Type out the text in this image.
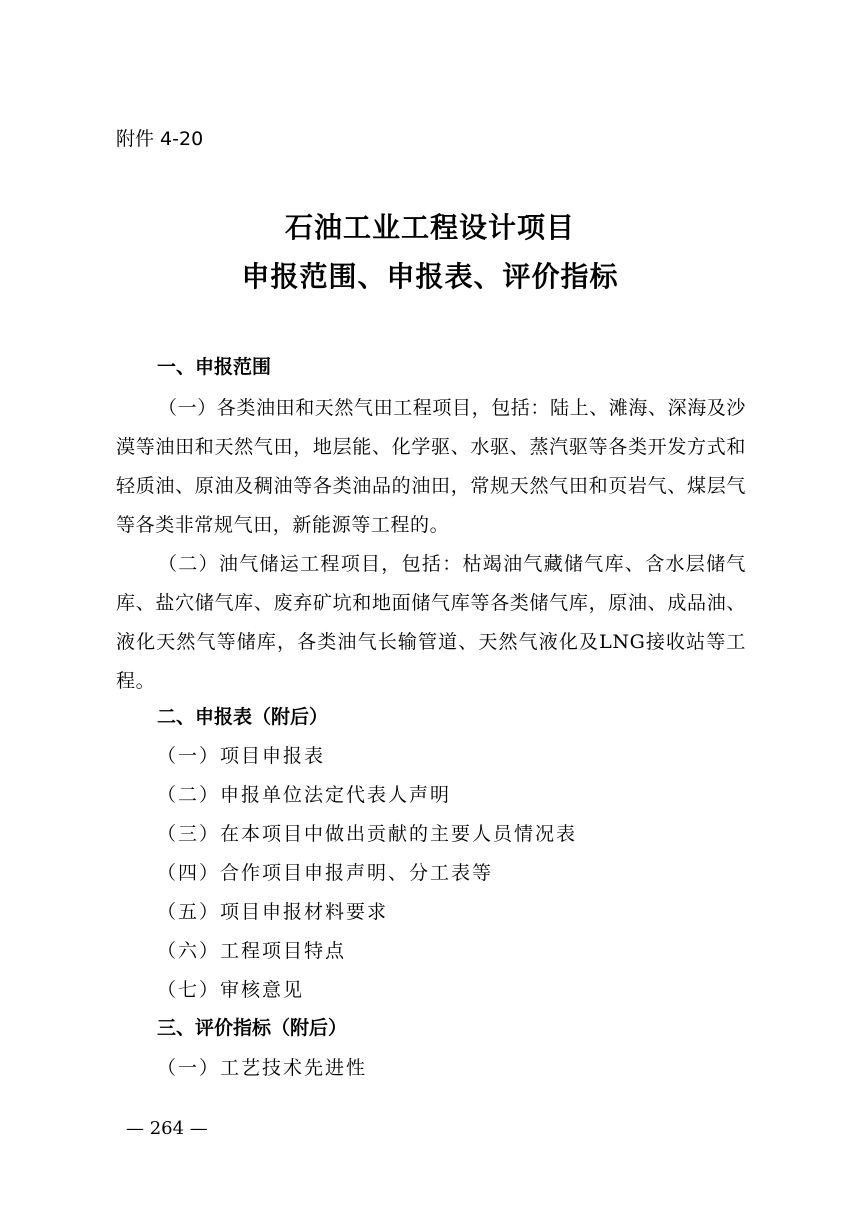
附件 4-20
石油工业工程设计项目
申报范围、申报表、评价指标
一、申报范围

（一）各类油田和天然气田工程项目，包括：陆上、滩海、深海及沙漠等油田和天然气田，地层能、化学驱、水驱、蒸汽驱等各类开发方式和轻质油、原油及稠油等各类油品的油田，常规天然气田和页岩气、煤层气等各类非常规气田，新能源等工程的。

（二）油气储运工程项目，包括：枯竭油气藏储气库、含水层储气库、盐穴储气库、废弃矿坑和地面储气库等各类储气库，原油、成品油、液化天然气等储库，各类油气长输管道、天然气液化及LNG接收站等工程。

二、申报表（附后）
（一）项目申报表
（二）申报单位法定代表人声明
（三）在本项目中做出贡献的主要人员情况表
（四）合作项目申报声明、分工表等
（五）项目申报材料要求
（六）工程项目特点
（七）审核意见
三、评价指标（附后）
（一）工艺技术先进性
— 264 —
